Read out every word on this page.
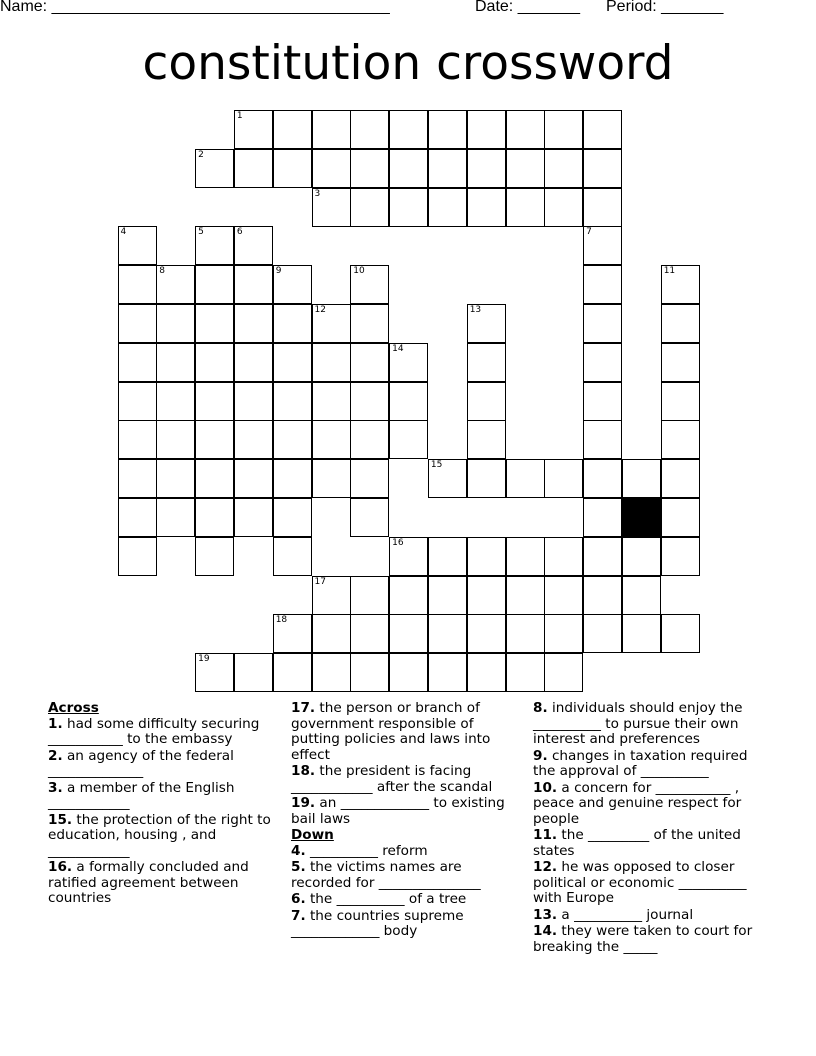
Name: ______________________________________	Date: _______ Period: _______
constitution crossword
1
2
3
4	5	6	7
8	9	10	11
12	13
14
15
16
17
18
19
Across
1. had some difficulty securing ___________ to the embassy
2. an agency of the federal ______________
3. a member of the English ____________
15. the protection of the right to education, housing , and ____________
16. a formally concluded and ratified agreement between countries
17. the person or branch of government responsible of putting policies and laws into effect
18. the president is facing ____________ after the scandal
19. an _____________ to existing bail laws
Down
4. __________ reform
5. the victims names are recorded for _______________
6. the __________ of a tree
7. the countries supreme _____________ body
8. individuals should enjoy the __________ to pursue their own interest and preferences
9. changes in taxation required the approval of __________
10. a concern for ___________ , peace and genuine respect for people
11. the _________ of the united states
12. he was opposed to closer political or economic __________ with Europe
13. a __________ journal
14. they were taken to court for breaking the _____
